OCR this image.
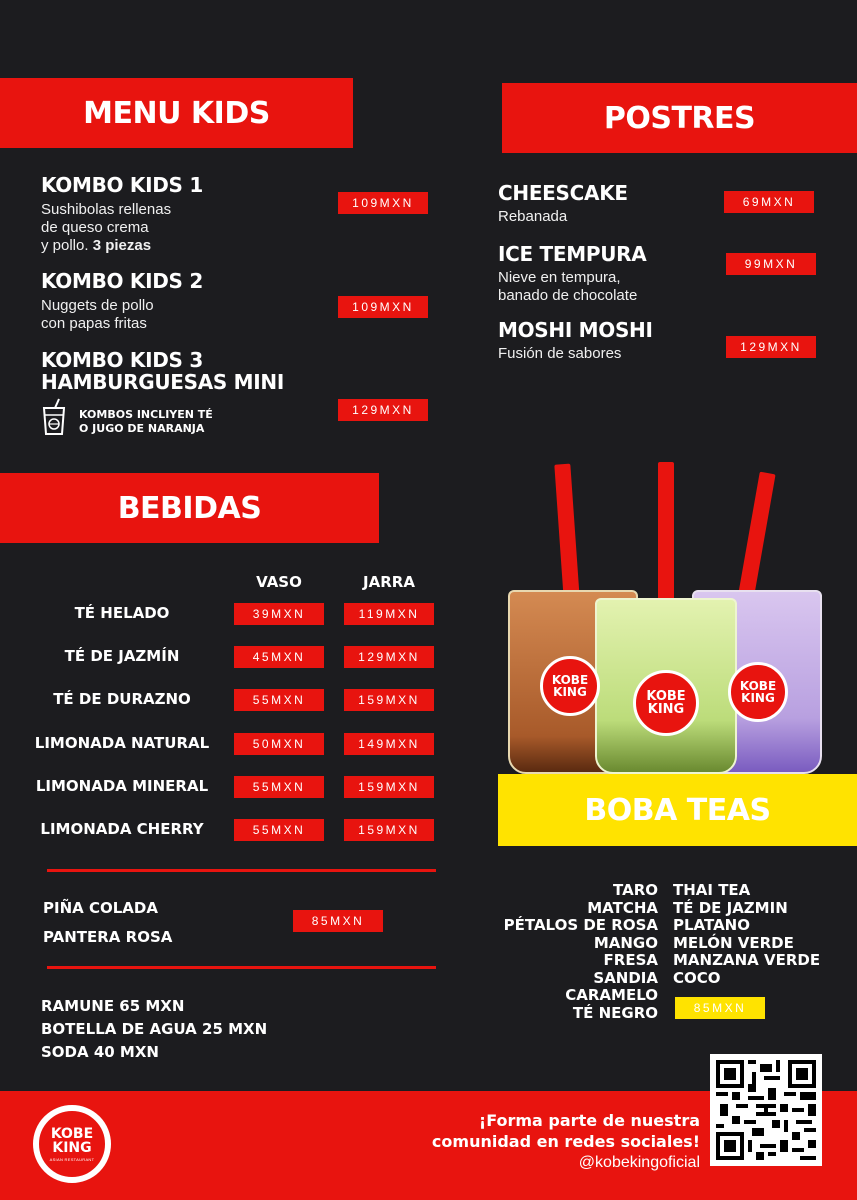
MENU KIDS
KOMBO KIDS 1
Sushibolas rellenas
de queso crema
y pollo. 3 piezas
109MXN
KOMBO KIDS 2
Nuggets de pollo
con papas fritas
109MXN
KOMBO KIDS 3
HAMBURGUESAS MINI
129MXN
KOMBOS INCLIYEN TÉ
O JUGO DE NARANJA
POSTRES
CHEESCAKE
Rebanada
69MXN
ICE TEMPURA
Nieve en tempura,
banado de chocolate
99MXN
MOSHI MOSHI
Fusión de sabores	129MXN
BEBIDAS
VASO	JARRA
TÉ HELADO	39MXN	119MXN
TÉ DE JAZMÍN	45MXN	129MXN
TÉ DE DURAZNO	55MXN	159MXN
LIMONADA NATURAL	50MXN	149MXN
LIMONADA MINERAL	55MXN	159MXN
LIMONADA CHERRY	55MXN	159MXN
PIÑA COLADA
PANTERA ROSA
85MXN
RAMUNE 65 MXN
BOTELLA DE AGUA 25 MXN
SODA 40 MXN
KOBE
KING	KOBE
KING
KOBE
KING
BOBA TEAS
TARO
MATCHA
PÉTALOS DE ROSA
MANGO
FRESA
SANDIA
CARAMELO
TÉ NEGRO
THAI TEA
TÉ DE JAZMIN
PLATANO
MELÓN VERDE
MANZANA VERDE
COCO
85MXN
KOBE
KING
ASIAN RESTAURANT
¡Forma parte de nuestra
comunidad en redes sociales!
@kobekingoficial
